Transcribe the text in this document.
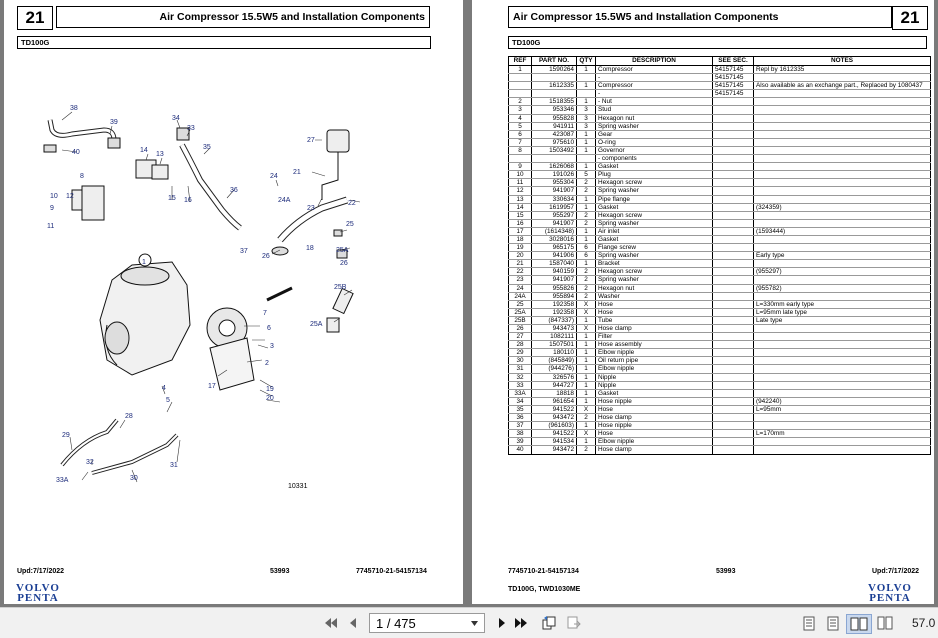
21	Air Compressor 15.5W5 and Installation Components
TD100G
38
39
40
34
33
35
27
21
14
13
15 16
36
24
24A
23
22
18
8
10 12
9
11
1
37
26
25
25A
26
25B
7
6
25A
3
2
17	19
4
20
5
28
29
32
33A	30
31
10331
Upd:7/17/2022	53993	7745710-21-54157134
VOLVO
PENTA
Air Compressor 15.5W5 and Installation Components	21
TD100G
REF	PART NO.	QTY	DESCRIPTION	SEE SEC.	NOTES
1	1590264	1	Compressor	54157145	Repl by 1612335
			-	54157145	
	1612335	1	Compressor	54157145	Also available as an exchange part., Replaced by 1080437
			-	54157145	
2	1518355	1	- Nut		
3	953346	3	Stud		
4	955828	3	Hexagon nut		
5	941911	3	Spring washer		
6	423087	1	Gear		
7	975610	1	O-ring		
8	1503492	1	Governor		
			- components		
9	1626068	1	Gasket		
10	191026	5	Plug		
11	955304	2	Hexagon screw		
12	941907	2	Spring washer		
13	330634	1	Pipe flange		
14	1619957	1	Gasket		(324359)
15	955297	2	Hexagon screw		
16	941907	2	Spring washer		
17	(1614348)	1	Air inlet		(1593444)
18	3028016	1	Gasket		
19	965175	6	Flange screw		
20	941906	6	Spring washer		Early type
21	1587040	1	Bracket		
22	940159	2	Hexagon screw		(955297)
23	941907	2	Spring washer		
24	955826	2	Hexagon nut		(955782)
24A	955894	2	Washer		
25	192358	X	Hose		L=330mm early type
25A	192358	X	Hose		L=95mm late type
25B	(847337)	1	Tube		Late type
26	943473	X	Hose clamp		
27	1082111	1	Filter		
28	1507501	1	Hose assembly		
29	180110	1	Elbow nipple		
30	(845849)	1	Oil return pipe		
31	(944276)	1	Elbow nipple		
32	326576	1	Nipple		
33	944727	1	Nipple		
33A	18818	1	Gasket		
34	961654	1	Hose nipple		(942240)
35	941522	X	Hose		L=95mm
36	943472	2	Hose clamp		
37	(961603)	1	Hose nipple		
38	941522	X	Hose		L=170mm
39	941534	1	Elbow nipple		
40	943472	2	Hose clamp		
7745710-21-54157134	53993	Upd:7/17/2022
TD100G, TWD1030ME	VOLVO
PENTA
1 / 475	57.0
